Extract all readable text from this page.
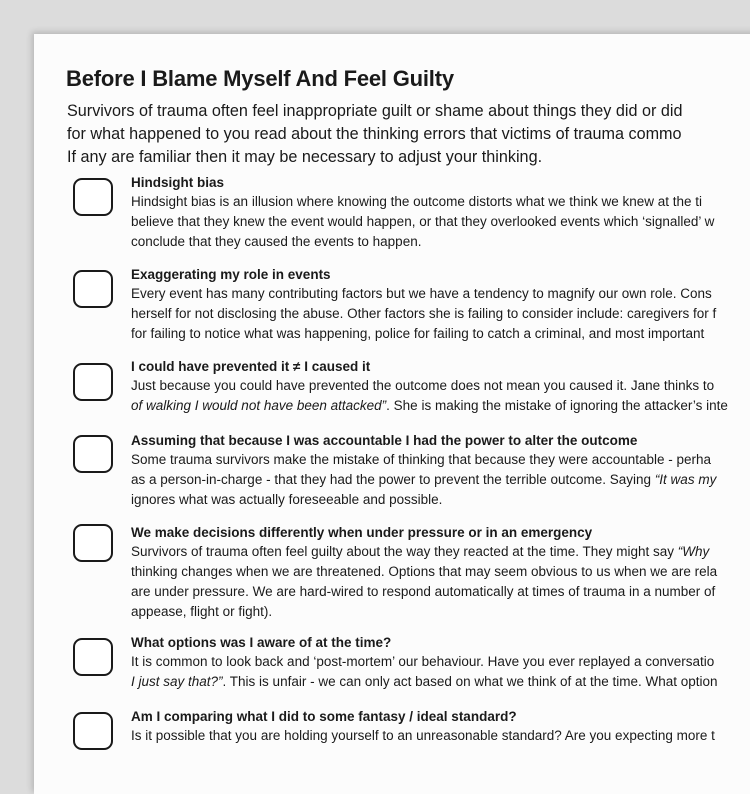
Before I Blame Myself And Feel Guilty
Survivors of trauma often feel inappropriate guilt or shame about things they did or did
for what happened to you read about the thinking errors that victims of trauma commo
If any are familiar then it may be necessary to adjust your thinking.
Hindsight bias
Hindsight bias is an illusion where knowing the outcome distorts what we think we knew at the ti
believe that they knew the event would happen, or that they overlooked events which ‘signalled’ w
conclude that they caused the events to happen.
Exaggerating my role in events
Every event has many contributing factors but we have a tendency to magnify our own role. Cons
herself for not disclosing the abuse. Other factors she is failing to consider include: caregivers for f
for failing to notice what was happening, police for failing to catch a criminal, and most important
I could have prevented it ≠ I caused it
Just because you could have prevented the outcome does not mean you caused it. Jane thinks to
of walking I would not have been attacked”. She is making the mistake of ignoring the attacker’s inte
Assuming that because I was accountable I had the power to alter the outcome
Some trauma survivors make the mistake of thinking that because they were accountable - perha
as a person-in-charge - that they had the power to prevent the terrible outcome. Saying “It was my
ignores what was actually foreseeable and possible.
We make decisions differently when under pressure or in an emergency
Survivors of trauma often feel guilty about the way they reacted at the time. They might say “Why
thinking changes when we are threatened. Options that may seem obvious to us when we are rela
are under pressure. We are hard-wired to respond automatically at times of trauma in a number of
appease, flight or fight).
What options was I aware of at the time?
It is common to look back and ‘post-mortem’ our behaviour. Have you ever replayed a conversatio
I just say that?”. This is unfair - we can only act based on what we think of at the time. What option
Am I comparing what I did to some fantasy / ideal standard?
Is it possible that you are holding yourself to an unreasonable standard? Are you expecting more t
